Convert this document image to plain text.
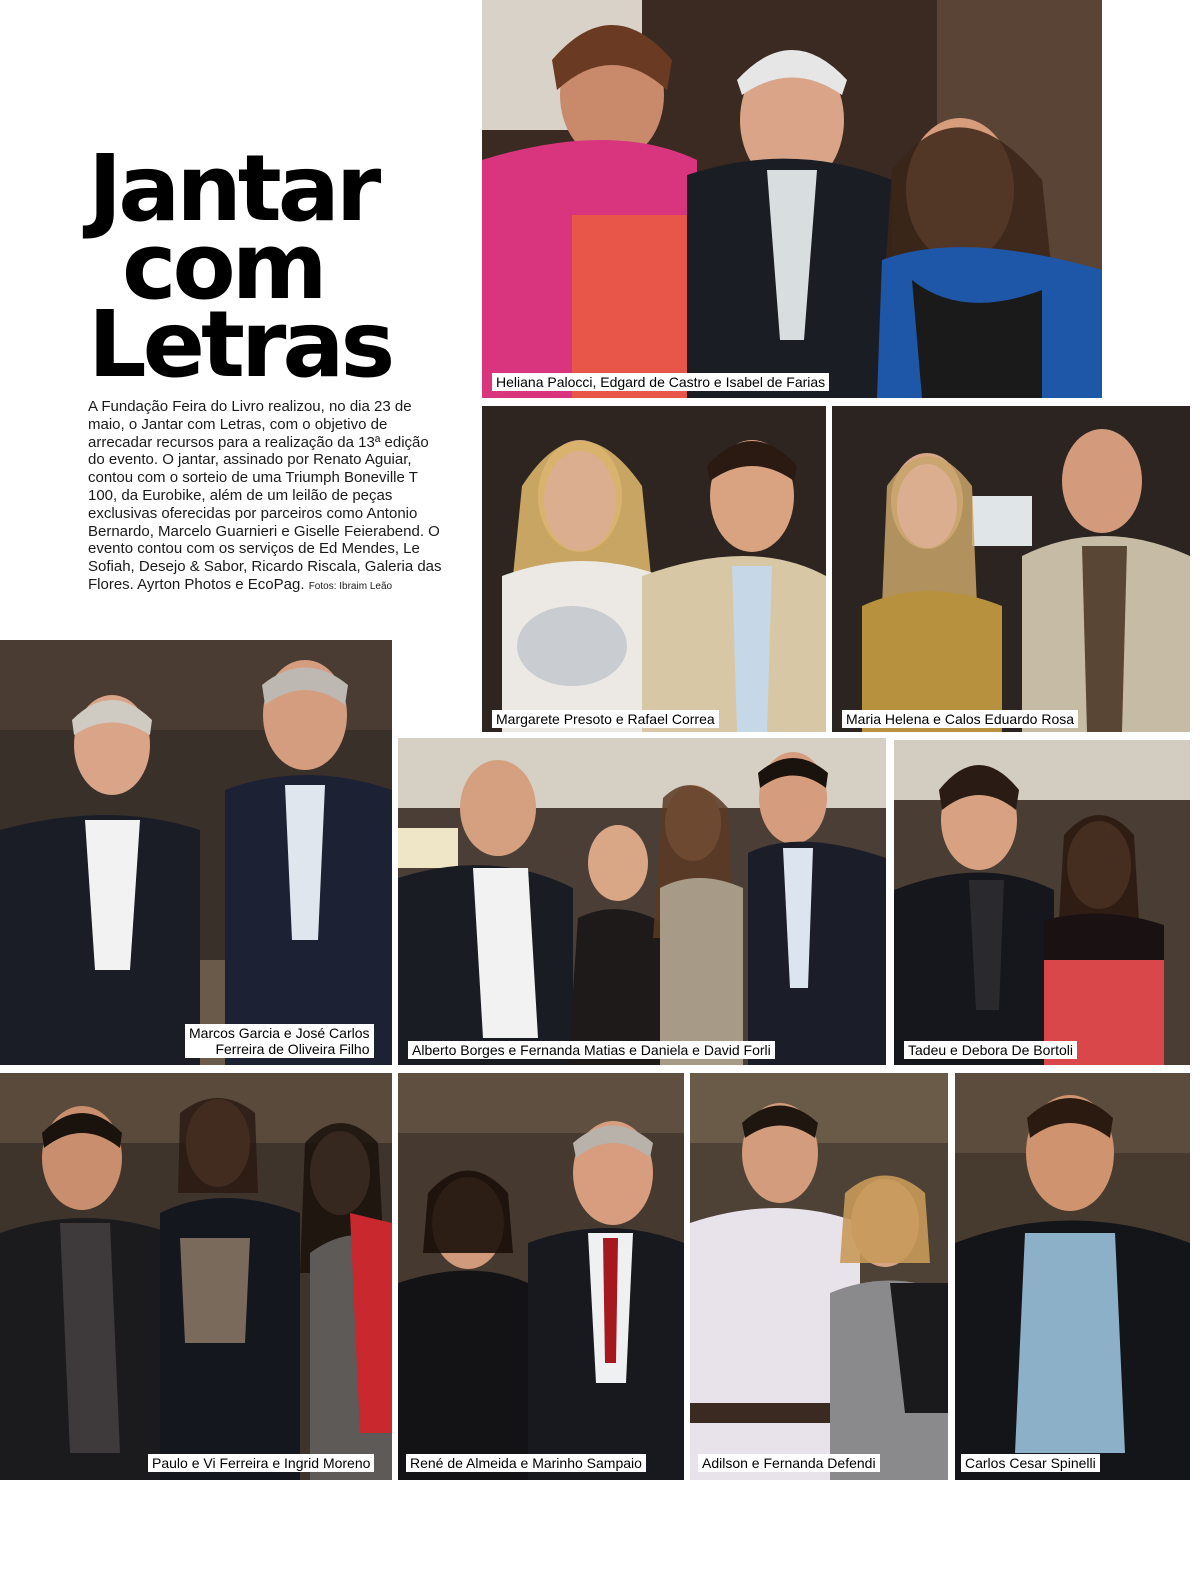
Jantar
com
Letras

A Fundação Feira do Livro realizou, no dia 23 de maio, o Jantar com Letras, com o objetivo de arrecadar recursos para a realização da 13ª edição do evento. O jantar, assinado por Renato Aguiar, contou com o sorteio de uma Triumph Boneville T 100, da Eurobike, além de um leilão de peças exclusivas oferecidas por parceiros como Antonio Bernardo, Marcelo Guarnieri e Giselle Feierabend. O evento contou com os serviços de Ed Mendes, Le Sofiah, Desejo & Sabor, Ricardo Riscala, Galeria das Flores. Ayrton Photos e EcoPag. Fotos: Ibraim Leão

Heliana Palocci, Edgard de Castro e Isabel de Farias
Margarete Presoto e Rafael Correa	Maria Helena e Calos Eduardo Rosa
Marcos Garcia e José Carlos
Ferreira de Oliveira Filho	Alberto Borges e Fernanda Matias e Daniela e David Forli	Tadeu e Debora De Bortoli
Paulo e Vi Ferreira e Ingrid Moreno	René de Almeida e Marinho Sampaio	Adilson e Fernanda Defendi	Carlos Cesar Spinelli
